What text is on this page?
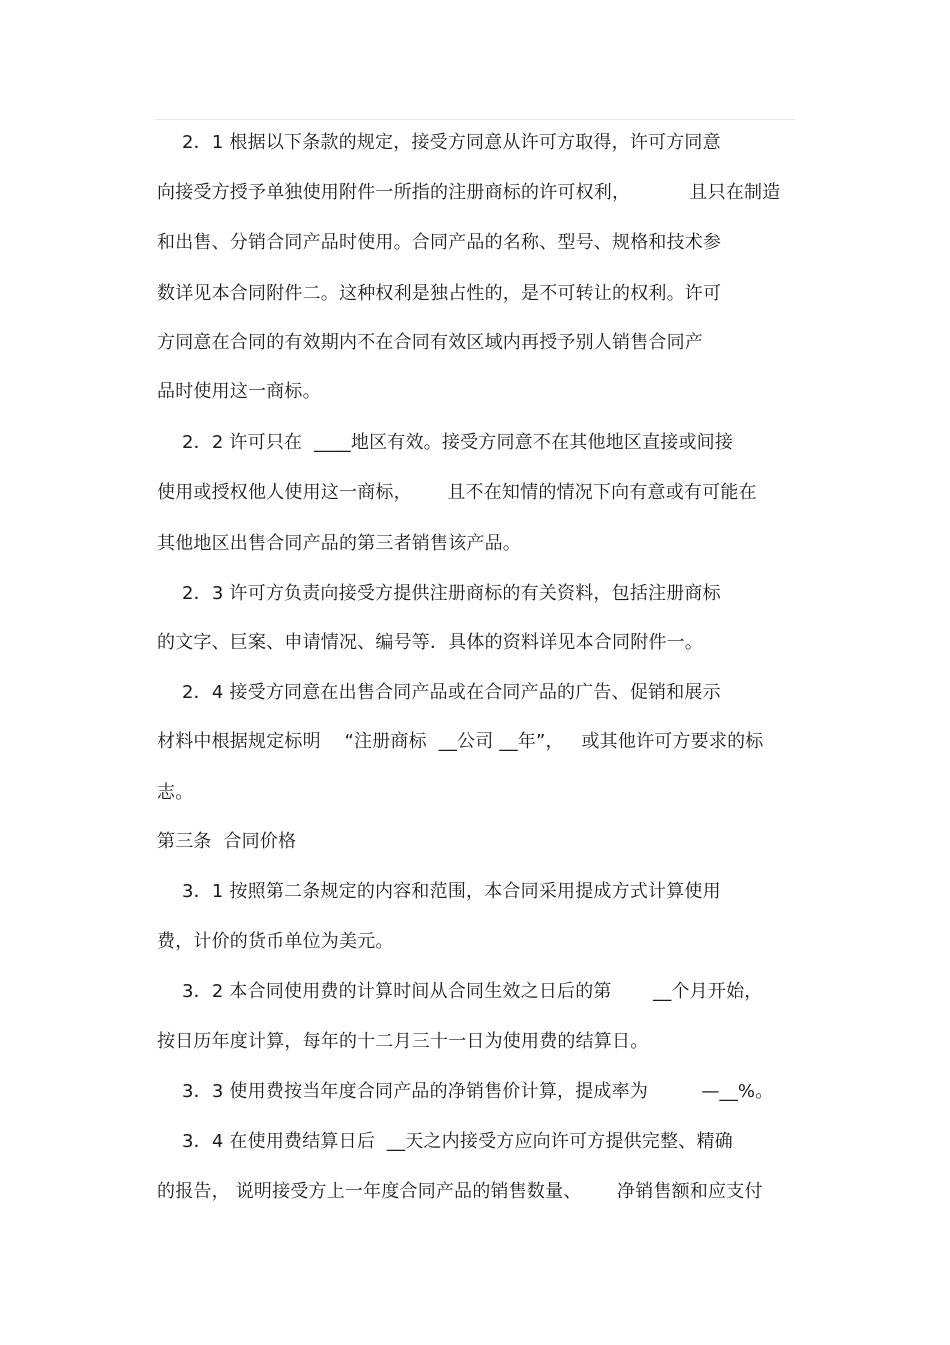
2．1 根据以下条款的规定，接受方同意从许可方取得，许可方同意
向接受方授予单独使用附件一所指的注册商标的许可权利，          且只在制造
和出售、分销合同产品时使用。合同产品的名称、型号、规格和技术参
数详见本合同附件二。这种权利是独占性的，是不可转让的权利。许可
方同意在合同的有效期内不在合同有效区域内再授予别人销售合同产
品时使用这一商标。
2．2 许可只在  ____地区有效。接受方同意不在其他地区直接或间接
使用或授权他人使用这一商标，      且不在知情的情况下向有意或有可能在
其他地区出售合同产品的第三者销售该产品。
2．3 许可方负责向接受方提供注册商标的有关资料，包括注册商标
的文字、巨案、申请情况、编号等．具体的资料详见本合同附件一。
2．4 接受方同意在出售合同产品或在合同产品的广告、促销和展示
材料中根据规定标明    “注册商标  __公司 __年”，   或其他许可方要求的标
志。
第三条  合同价格
3．1 按照第二条规定的内容和范围，本合同采用提成方式计算使用
费，计价的货币单位为美元。
3．2 本合同使用费的计算时间从合同生效之日后的第       __个月开始，
按日历年度计算，每年的十二月三十一日为使用费的结算日。
3．3 使用费按当年度合同产品的净销售价计算，提成率为         —__%。
3．4 在使用费结算日后  __天之内接受方应向许可方提供完整、精确
的报告， 说明接受方上一年度合同产品的销售数量、      净销售额和应支付
